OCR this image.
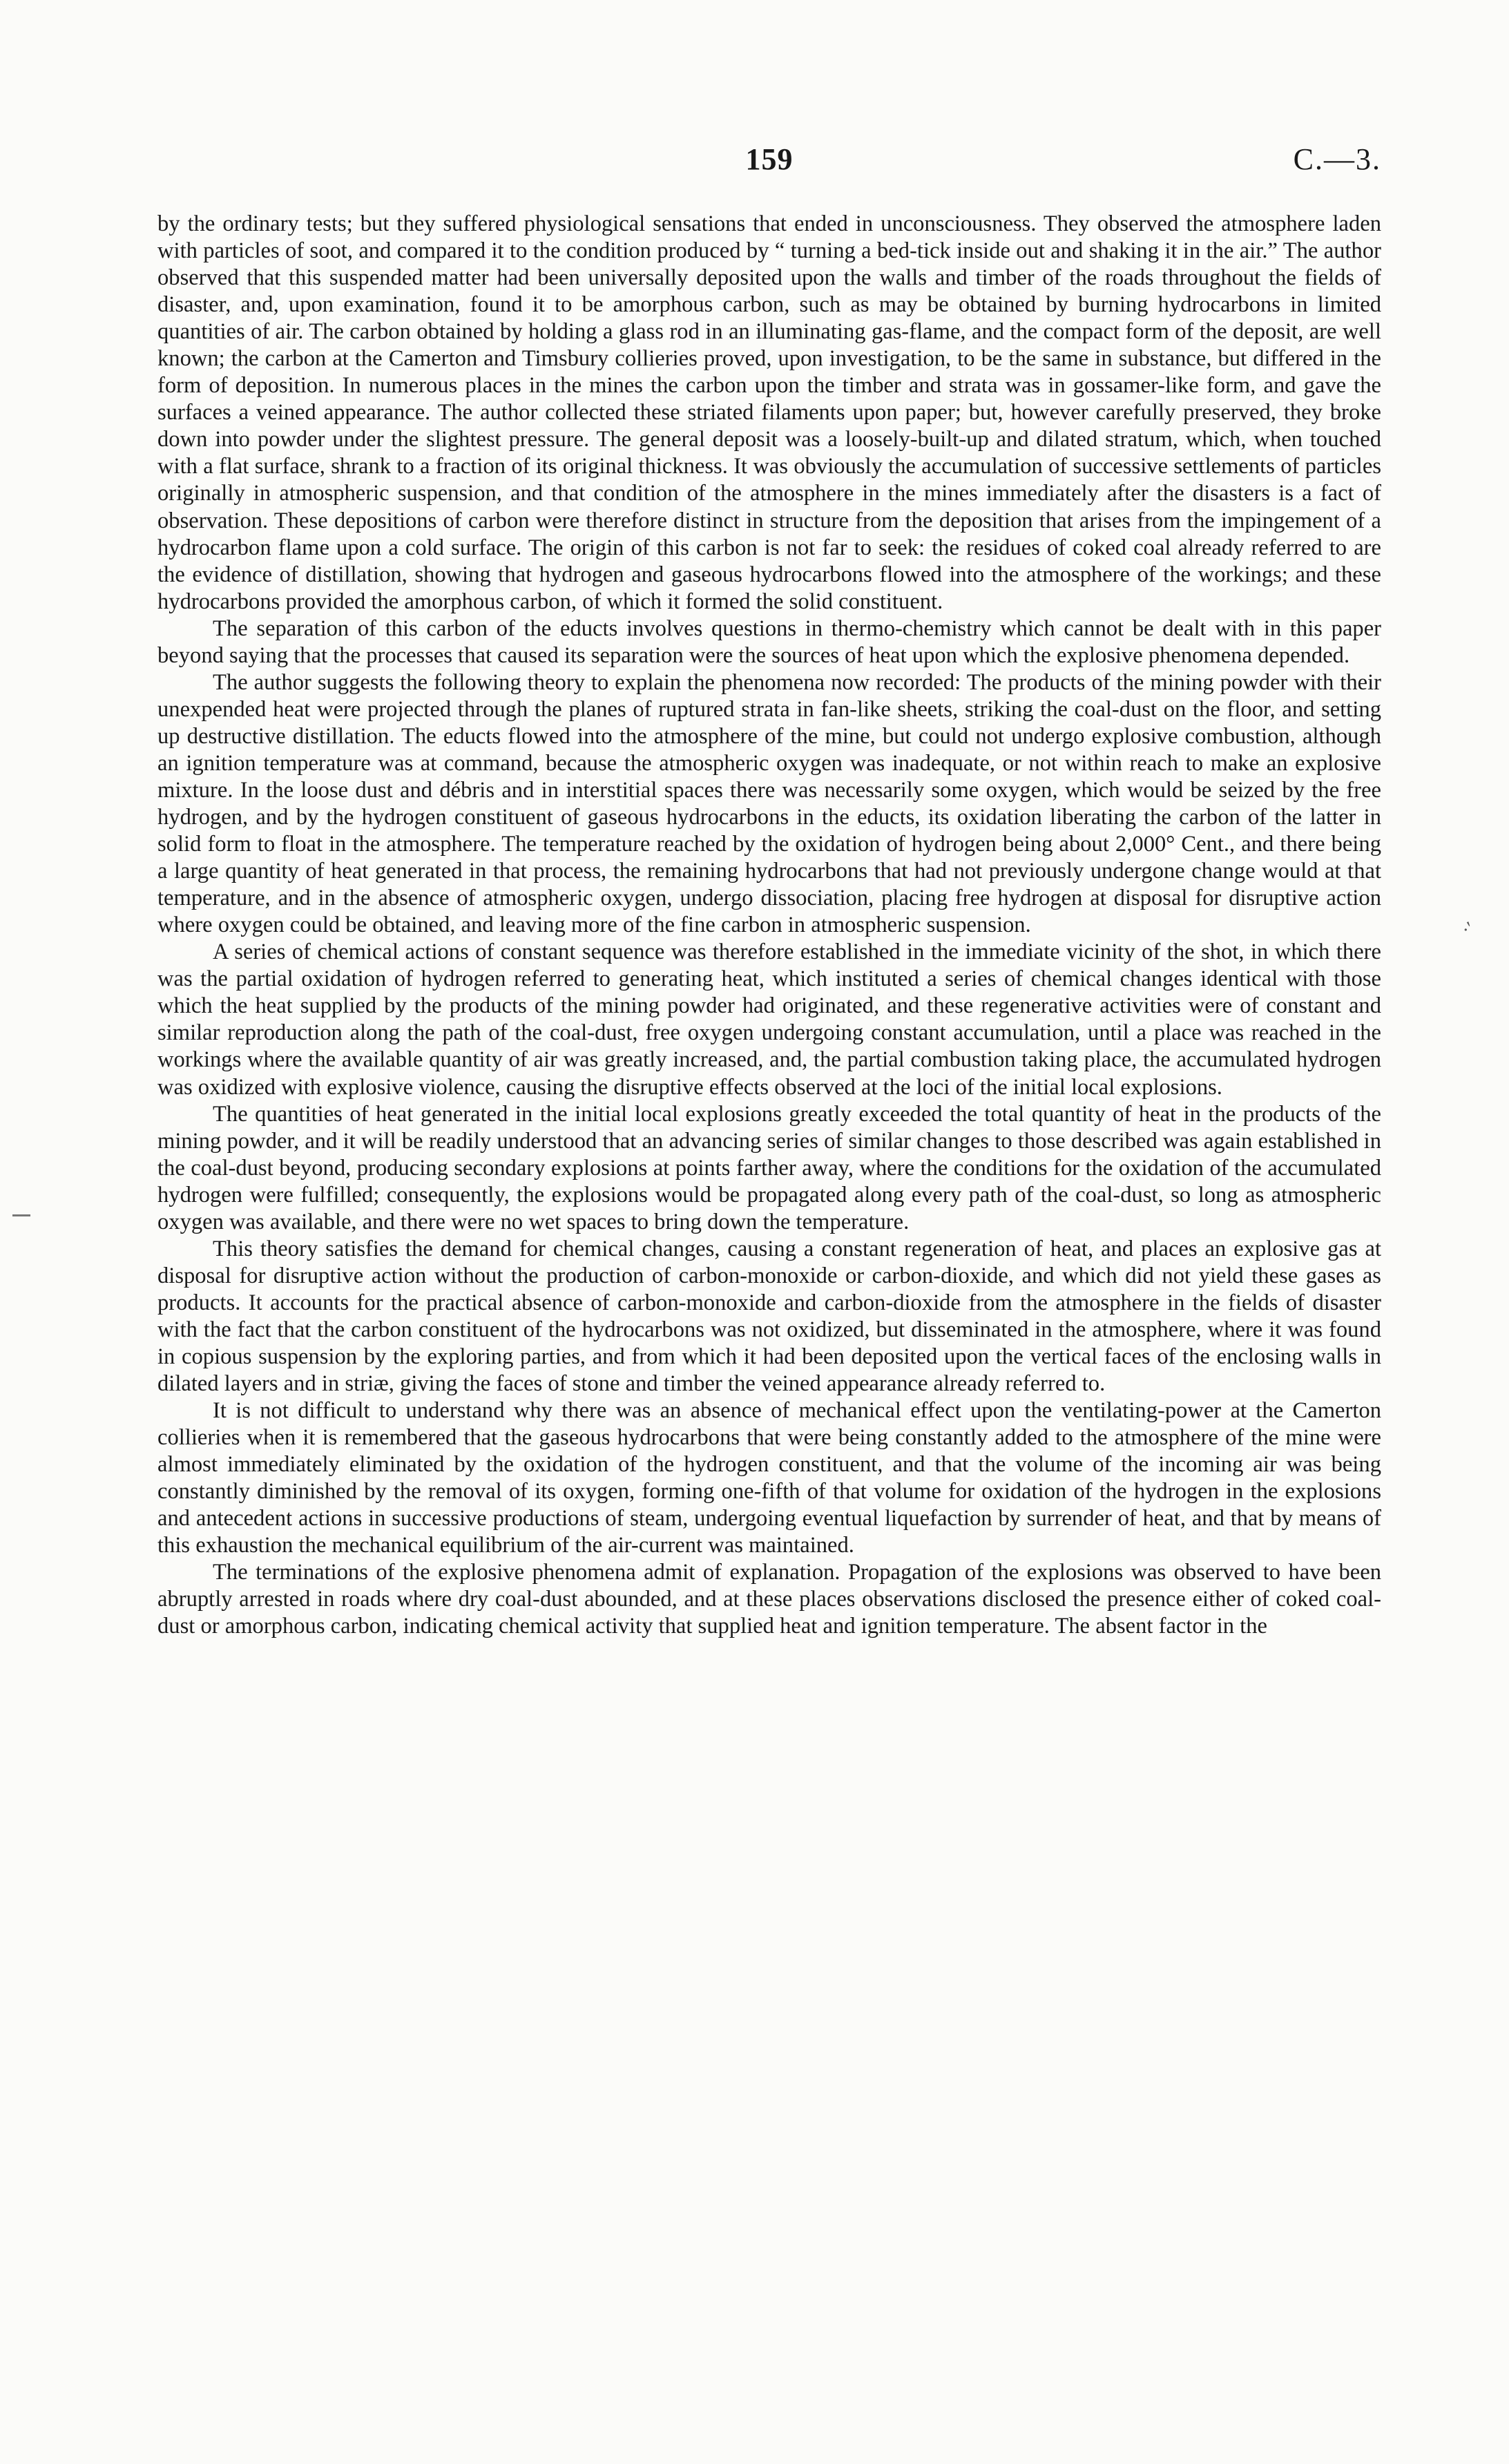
159	C.—3.

by the ordinary tests; but they suffered physiological sensations that ended in unconsciousness. They observed the atmosphere laden with particles of soot, and compared it to the condition produced by “ turning a bed-tick inside out and shaking it in the air.” The author observed that this suspended matter had been universally deposited upon the walls and timber of the roads throughout the fields of disaster, and, upon examination, found it to be amorphous carbon, such as may be obtained by burning hydrocarbons in limited quantities of air. The carbon obtained by holding a glass rod in an illuminating gas-flame, and the compact form of the deposit, are well known; the carbon at the Camerton and Timsbury collieries proved, upon investigation, to be the same in substance, but differed in the form of deposition. In numerous places in the mines the carbon upon the timber and strata was in gossamer-like form, and gave the surfaces a veined appearance. The author collected these striated filaments upon paper; but, however carefully preserved, they broke down into powder under the slightest pressure. The general deposit was a loosely-built-up and dilated stratum, which, when touched with a flat surface, shrank to a fraction of its original thickness. It was obviously the accumulation of successive settlements of particles originally in atmospheric suspension, and that condition of the atmosphere in the mines immediately after the disasters is a fact of observation. These depositions of carbon were therefore distinct in structure from the deposition that arises from the impingement of a hydrocarbon flame upon a cold surface. The origin of this carbon is not far to seek: the residues of coked coal already referred to are the evidence of distillation, showing that hydrogen and gaseous hydrocarbons flowed into the atmosphere of the workings; and these hydrocarbons provided the amorphous carbon, of which it formed the solid constituent.

The separation of this carbon of the educts involves questions in thermo-chemistry which cannot be dealt with in this paper beyond saying that the processes that caused its separation were the sources of heat upon which the explosive phenomena depended.

The author suggests the following theory to explain the phenomena now recorded: The products of the mining powder with their unexpended heat were projected through the planes of ruptured strata in fan-like sheets, striking the coal-dust on the floor, and setting up destructive distillation. The educts flowed into the atmosphere of the mine, but could not undergo explosive combustion, although an ignition temperature was at command, because the atmospheric oxygen was inadequate, or not within reach to make an explosive mixture. In the loose dust and débris and in interstitial spaces there was necessarily some oxygen, which would be seized by the free hydrogen, and by the hydrogen constituent of gaseous hydrocarbons in the educts, its oxidation liberating the carbon of the latter in solid form to float in the atmosphere. The temperature reached by the oxidation of hydrogen being about 2,000° Cent., and there being a large quantity of heat generated in that process, the remaining hydrocarbons that had not previously undergone change would at that temperature, and in the absence of atmospheric oxygen, undergo dissociation, placing free hydrogen at disposal for disruptive action where oxygen could be obtained, and leaving more of the fine carbon in atmospheric suspension.

A series of chemical actions of constant sequence was therefore established in the immediate vicinity of the shot, in which there was the partial oxidation of hydrogen referred to generating heat, which instituted a series of chemical changes identical with those which the heat supplied by the products of the mining powder had originated, and these regenerative activities were of constant and similar reproduction along the path of the coal-dust, free oxygen undergoing constant accumulation, until a place was reached in the workings where the available quantity of air was greatly increased, and, the partial combustion taking place, the accumulated hydrogen was oxidized with explosive violence, causing the disruptive effects observed at the loci of the initial local explosions.

The quantities of heat generated in the initial local explosions greatly exceeded the total quantity of heat in the products of the mining powder, and it will be readily understood that an advancing series of similar changes to those described was again established in the coal-dust beyond, producing secondary explosions at points farther away, where the conditions for the oxidation of the accumulated hydrogen were fulfilled; consequently, the explosions would be propagated along every path of the coal-dust, so long as atmospheric oxygen was available, and there were no wet spaces to bring down the temperature.

This theory satisfies the demand for chemical changes, causing a constant regeneration of heat, and places an explosive gas at disposal for disruptive action without the production of carbon-monoxide or carbon-dioxide, and which did not yield these gases as products. It accounts for the practical absence of carbon-monoxide and carbon-dioxide from the atmosphere in the fields of disaster with the fact that the carbon constituent of the hydrocarbons was not oxidized, but disseminated in the atmosphere, where it was found in copious suspension by the exploring parties, and from which it had been deposited upon the vertical faces of the enclosing walls in dilated layers and in striæ, giving the faces of stone and timber the veined appearance already referred to.

It is not difficult to understand why there was an absence of mechanical effect upon the ventilating-power at the Camerton collieries when it is remembered that the gaseous hydrocarbons that were being constantly added to the atmosphere of the mine were almost immediately eliminated by the oxidation of the hydrogen constituent, and that the volume of the incoming air was being constantly diminished by the removal of its oxygen, forming one-fifth of that volume for oxidation of the hydrogen in the explosions and antecedent actions in successive productions of steam, undergoing eventual liquefaction by surrender of heat, and that by means of this exhaustion the mechanical equilibrium of the air-current was maintained.

The terminations of the explosive phenomena admit of explanation. Propagation of the explosions was observed to have been abruptly arrested in roads where dry coal-dust abounded, and at these places observations disclosed the presence either of coked coal-dust or amorphous carbon, indicating chemical activity that supplied heat and ignition temperature. The absent factor in the

·'
